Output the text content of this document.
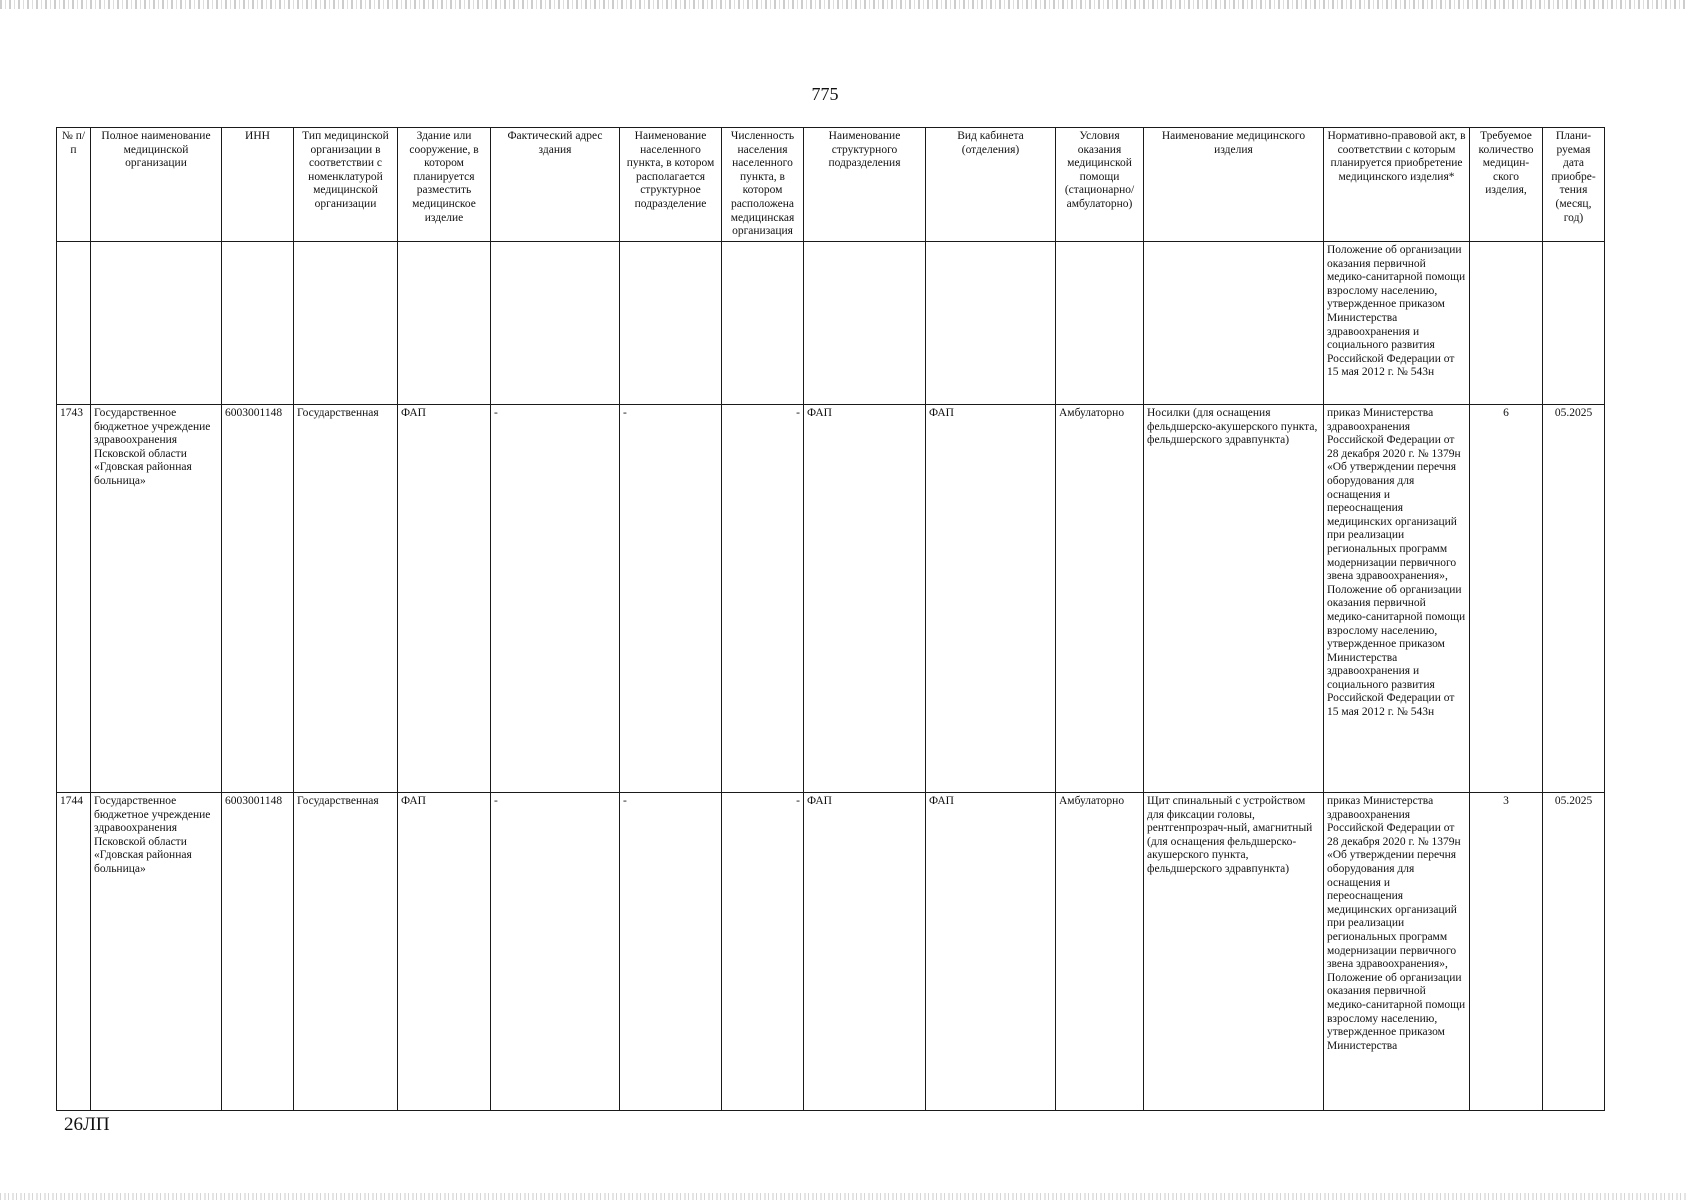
775
№ п/п	Полное наименование медицинской организации	ИНН	Тип медицинской организации в соответствии с номенклатурой медицинской организации	Здание или сооружение, в котором планируется разместить медицинское изделие	Фактический адрес здания	Наименование населенного пункта, в котором располагается структурное подразделение	Численность населения населенного пункта, в котором расположена медицинская организация	Наименование структурного подразделения	Вид кабинета (отделения)	Условия оказания медицинской помощи (стационарно/ амбулаторно)	Наименование медицинского изделия	Нормативно-правовой акт, в соответствии с которым планируется приобретение медицинского изделия*	Требуемое количество медицин-ского изделия,	Плани-руемая дата приобре-тения (месяц, год)
												Положение об организации оказания первичной медико-санитарной помощи взрослому населению, утвержденное приказом Министерства здравоохранения и социального развития Российской Федерации от 15 мая 2012 г. № 543н		
1743	Государственное бюджетное учреждение здравоохранения Псковской области «Гдовская районная больница»	6003001148	Государственная	ФАП	-	-	-	ФАП	ФАП	Амбулаторно	Носилки (для оснащения фельдшерско-акушерского пункта, фельдшерского здравпункта)	приказ Министерства здравоохранения Российской Федерации от 28 декабря 2020 г. № 1379н «Об утверждении перечня оборудования для оснащения и переоснащения медицинских организаций при реализации региональных программ модернизации первичного звена здравоохранения», Положение об организации оказания первичной медико-санитарной помощи взрослому населению, утвержденное приказом Министерства здравоохранения и социального развития Российской Федерации от 15 мая 2012 г. № 543н	6	05.2025
1744	Государственное бюджетное учреждение здравоохранения Псковской области «Гдовская районная больница»	6003001148	Государственная	ФАП	-	-	-	ФАП	ФАП	Амбулаторно	Щит спинальный с устройством для фиксации головы, рентгенпрозрач-ный, амагнитный (для оснащения фельдшерско-акушерского пункта, фельдшерского здравпункта)	приказ Министерства здравоохранения Российской Федерации от 28 декабря 2020 г. № 1379н «Об утверждении перечня оборудования для оснащения и переоснащения медицинских организаций при реализации региональных программ модернизации первичного звена здравоохранения», Положение об организации оказания первичной медико-санитарной помощи взрослому населению, утвержденное приказом Министерства	3	05.2025
26ЛП
